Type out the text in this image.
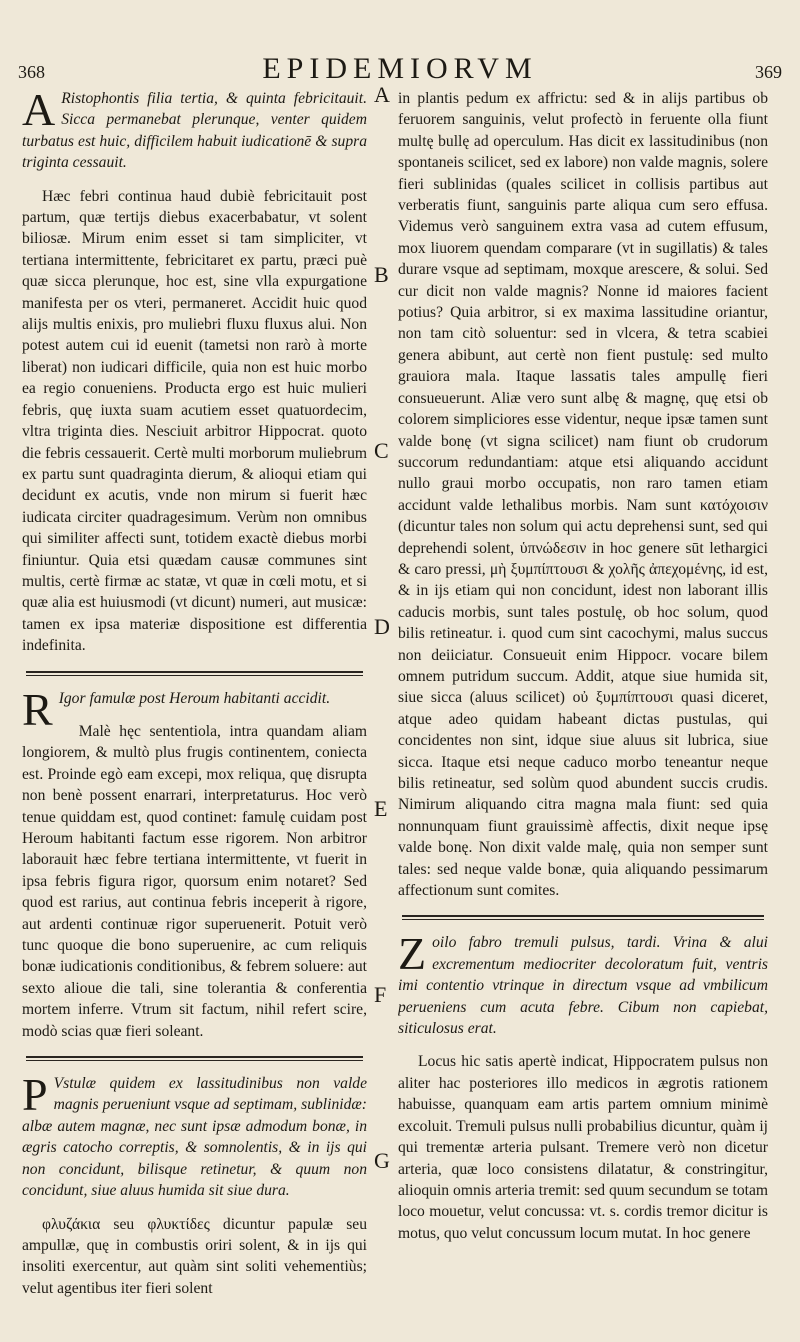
368	EPIDEMIORVM	369

A Ristophontis filia tertia, & quinta febricitauit. Sicca permanebat plerunque, venter quidem turbatus est huic, difficilem habuit iudicationē & supra triginta cessauit.

Hæc febri continua haud dubiè febricitauit post partum, quæ tertijs diebus exacerbabatur, vt solent biliosæ. Mirum enim esset si tam simpliciter, vt tertiana intermittente, febricitaret ex partu, præci puè quæ sicca plerunque, hoc est, sine vlla expurgatione manifesta per os vteri, permaneret. Accidit huic quod alijs multis enixis, pro muliebri fluxu fluxus alui. Non potest autem cui id euenit (tametsi non rarò à morte liberat) non iudicari difficile, quia non est huic morbo ea regio conueniens. Producta ergo est huic mulieri febris, quę iuxta suam acutiem esset quatuordecim, vltra triginta dies. Nesciuit arbitror Hippocrat. quoto die febris cessauerit. Certè multi morborum muliebrum ex partu sunt quadraginta dierum, & alioqui etiam qui decidunt ex acutis, vnde non mirum si fuerit hæc iudicata circiter quadragesimum. Verùm non omnibus qui similiter affecti sunt, totidem exactè diebus morbi finiuntur. Quia etsi quædam causæ communes sint multis, certè firmæ ac statæ, vt quæ in cœli motu, et si quæ alia est huiusmodi (vt dicunt) numeri, aut musicæ: tamen ex ipsa materiæ dispositione est differentia indefinita.

R Igor famulæ post Heroum habitanti accidit.

Malè hęc sententiola, intra quandam aliam longiorem, & multò plus frugis continentem, coniecta est. Proinde egò eam excepi, mox reliqua, quę disrupta non benè possent enarrari, interpretaturus. Hoc verò tenue quiddam est, quod continet: famulę cuidam post Heroum habitanti factum esse rigorem. Non arbitror laborauit hæc febre tertiana intermittente, vt fuerit in ipsa febris figura rigor, quorsum enim notaret? Sed quod est rarius, aut continua febris inceperit à rigore, aut ardenti continuæ rigor superuenerit. Potuit verò tunc quoque die bono superuenire, ac cum reliquis bonæ iudicationis conditionibus, & febrem soluere: aut sexto alioue die tali, sine tolerantia & conferentia mortem inferre. Vtrum sit factum, nihil refert scire, modò scias quæ fieri soleant.

P Vstulæ quidem ex lassitudinibus non valde magnis perueniunt vsque ad septimam, sublinidæ: albæ autem magnæ, nec sunt ipsæ admodum bonæ, in ægris catocho correptis, & somnolentis, & in ijs qui non concidunt, bilisque retinetur, & quum non concidunt, siue aluus humida sit siue dura.

φλυζάκια seu φλυκτίδες dicuntur papulæ seu ampullæ, quę in combustis oriri solent, & in ijs qui insoliti exercentur, aut quàm sint soliti vehementiùs; velut agentibus iter fieri solent

A
B
C
D
E
F
G

in plantis pedum ex affrictu: sed & in alijs partibus ob feruorem sanguinis, velut profectò in feruente olla fiunt multę bullę ad operculum. Has dicit ex lassitudinibus (non spontaneis scilicet, sed ex labore) non valde magnis, solere fieri sublinidas (quales scilicet in collisis partibus aut verberatis fiunt, sanguinis parte aliqua cum sero effusa. Videmus verò sanguinem extra vasa ad cutem effusum, mox liuorem quendam comparare (vt in sugillatis) & tales durare vsque ad septimam, moxque arescere, & solui. Sed cur dicit non valde magnis? Nonne id maiores facient potius? Quia arbitror, si ex maxima lassitudine oriantur, non tam citò soluentur: sed in vlcera, & tetra scabiei genera abibunt, aut certè non fient pustulę: sed multo grauiora mala. Itaque lassatis tales ampullę fieri consueuerunt. Aliæ vero sunt albę & magnę, quę etsi ob colorem simpliciores esse videntur, neque ipsæ tamen sunt valde bonę (vt signa scilicet) nam fiunt ob crudorum succorum redundantiam: atque etsi aliquando accidunt nullo graui morbo occupatis, non raro tamen etiam accidunt valde lethalibus morbis. Nam sunt κατόχοισιν (dicuntur tales non solum qui actu deprehensi sunt, sed qui deprehendi solent, ὑπνώδεσιν in hoc genere sūt lethargici & caro pressi, μὴ ξυμπίπτουσι & χολῆς ἀπεχομένης, id est, & in ijs etiam qui non concidunt, idest non laborant illis caducis morbis, sunt tales postulę, ob hoc solum, quod bilis retineatur. i. quod cum sint cacochymi, malus succus non deiiciatur. Consueuit enim Hippocr. vocare bilem omnem putridum succum. Addit, atque siue humida sit, siue sicca (aluus scilicet) οὐ ξυμπίπτουσι quasi diceret, atque adeo quidam habeant dictas pustulas, qui concidentes non sint, idque siue aluus sit lubrica, siue sicca. Itaque etsi neque caduco morbo teneantur neque bilis retineatur, sed solùm quod abundent succis crudis. Nimirum aliquando citra magna mala fiunt: sed quia nonnunquam fiunt grauissimè affectis, dixit neque ipsę valde bonę. Non dixit valde malę, quia non semper sunt tales: sed neque valde bonæ, quia aliquando pessimarum affectionum sunt comites.

Zoilo fabro tremuli pulsus, tardi. Vrina & alui excrementum mediocriter decoloratum fuit, ventris imi contentio vtrinque in directum vsque ad vmbilicum perueniens cum acuta febre. Cibum non capiebat, siticulosus erat.

Locus hic satis apertè indicat, Hippocratem pulsus non aliter hac posteriores illo medicos in ægrotis rationem habuisse, quanquam eam artis partem omnium minimè excoluit. Tremuli pulsus nulli probabilius dicuntur, quàm ij qui trementæ arteria pulsant. Tremere verò non dicetur arteria, quæ loco consistens dilatatur, & constringitur, alioquin omnis arteria tremit: sed quum secundum se totam loco mouetur, velut concussa: vt. s. cordis tremor dicitur is motus, quo velut concussum locum mutat. In hoc genere
